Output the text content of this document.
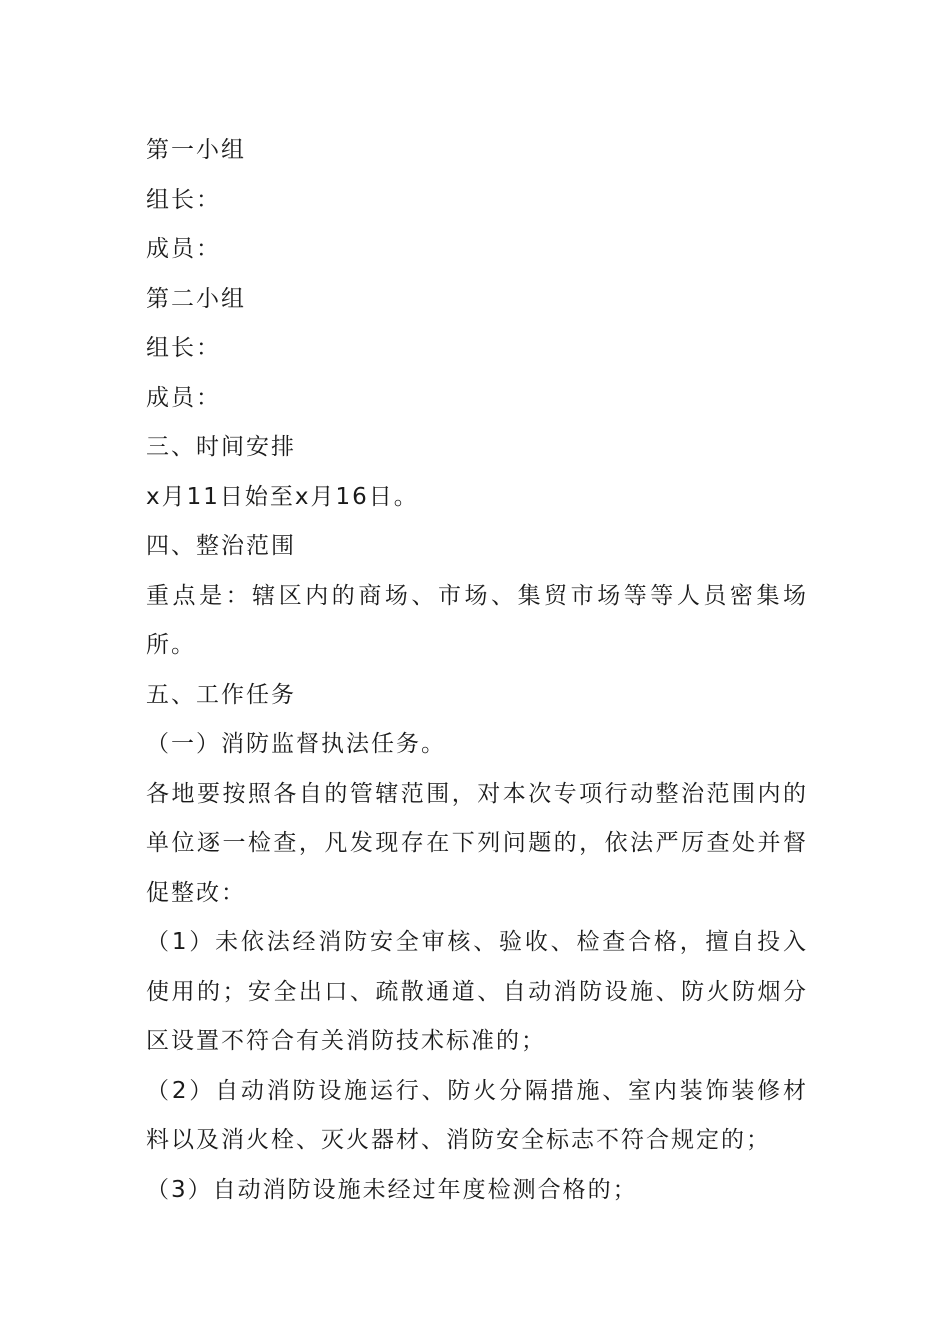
第一小组
组长：
成员：
第二小组
组长：
成员：
三、时间安排
x月11日始至x月16日。
四、整治范围
重点是：辖区内的商场、市场、集贸市场等等人员密集场所。
五、工作任务
（一）消防监督执法任务。
各地要按照各自的管辖范围，对本次专项行动整治范围内的单位逐一检查，凡发现存在下列问题的，依法严厉查处并督促整改：
（1）未依法经消防安全审核、验收、检查合格，擅自投入使用的；安全出口、疏散通道、自动消防设施、防火防烟分区设置不符合有关消防技术标准的；
（2）自动消防设施运行、防火分隔措施、室内装饰装修材料以及消火栓、灭火器材、消防安全标志不符合规定的；
（3）自动消防设施未经过年度检测合格的；
